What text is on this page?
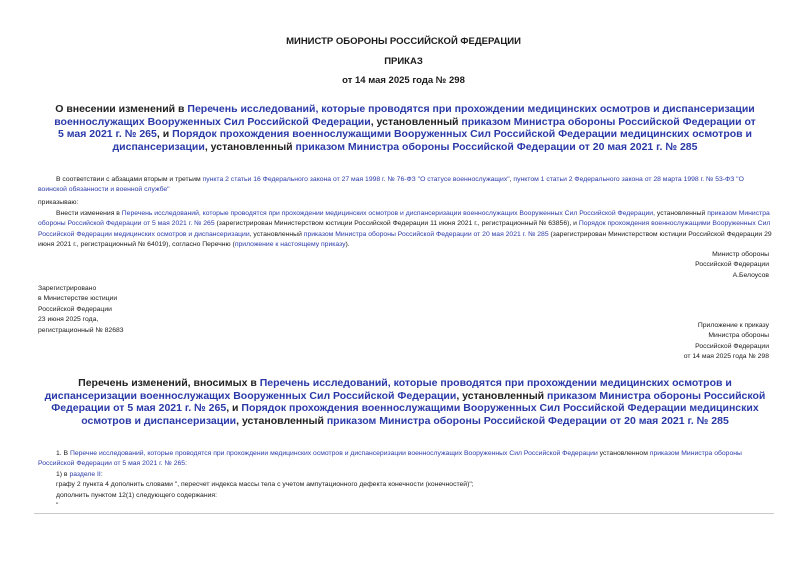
МИНИСТР ОБОРОНЫ РОССИЙСКОЙ ФЕДЕРАЦИИ
ПРИКАЗ
от 14 мая 2025 года № 298
О внесении изменений в Перечень исследований, которые проводятся при прохождении медицинских осмотров и диспансеризации военнослужащих Вооруженных Сил Российской Федерации, установленный приказом Министра обороны Российской Федерации от 5 мая 2021 г. № 265, и Порядок прохождения военнослужащими Вооруженных Сил Российской Федерации медицинских осмотров и диспансеризации, установленный приказом Министра обороны Российской Федерации от 20 мая 2021 г. № 285
В соответствии с абзацами вторым и третьим пункта 2 статьи 16 Федерального закона от 27 мая 1998 г. № 76-ФЗ "О статусе военнослужащих", пунктом 1 статьи 2 Федерального закона от 28 марта 1998 г. № 53-ФЗ "О воинской обязанности и военной службе"
приказываю:
Внести изменения в Перечень исследований, которые проводятся при прохождении медицинских осмотров и диспансеризации военнослужащих Вооруженных Сил Российской Федерации, установленный приказом Министра обороны Российской Федерации от 5 мая 2021 г. № 265 (зарегистрирован Министерством юстиции Российской Федерации 11 июня 2021 г., регистрационный № 63856), и Порядок прохождения военнослужащими Вооруженных Сил Российской Федерации медицинских осмотров и диспансеризации, установленный приказом Министра обороны Российской Федерации от 20 мая 2021 г. № 285 (зарегистрирован Министерством юстиции Российской Федерации 29 июня 2021 г., регистрационный № 64019), согласно Перечню (приложение к настоящему приказу).
Министр обороны
Российской Федерации
А.Белоусов
Зарегистрировано
в Министерстве юстиции
Российской Федерации
23 июня 2025 года,
регистрационный № 82683
Приложение к приказу
Министра обороны
Российской Федерации
от 14 мая 2025 года № 298
Перечень изменений, вносимых в Перечень исследований, которые проводятся при прохождении медицинских осмотров и диспансеризации военнослужащих Вооруженных Сил Российской Федерации, установленный приказом Министра обороны Российской Федерации от 5 мая 2021 г. № 265, и Порядок прохождения военнослужащими Вооруженных Сил Российской Федерации медицинских осмотров и диспансеризации, установленный приказом Министра обороны Российской Федерации от 20 мая 2021 г. № 285
1. В Перечне исследований, которые проводятся при прохождении медицинских осмотров и диспансеризации военнослужащих Вооруженных Сил Российской Федерации установленном приказом Министра обороны Российской Федерации от 5 мая 2021 г. № 265:
1) в разделе II:
графу 2 пункта 4 дополнить словами ", пересчет индекса массы тела с учетом ампутационного дефекта конечности (конечностей)";
дополнить пунктом 12(1) следующего содержания:
"
